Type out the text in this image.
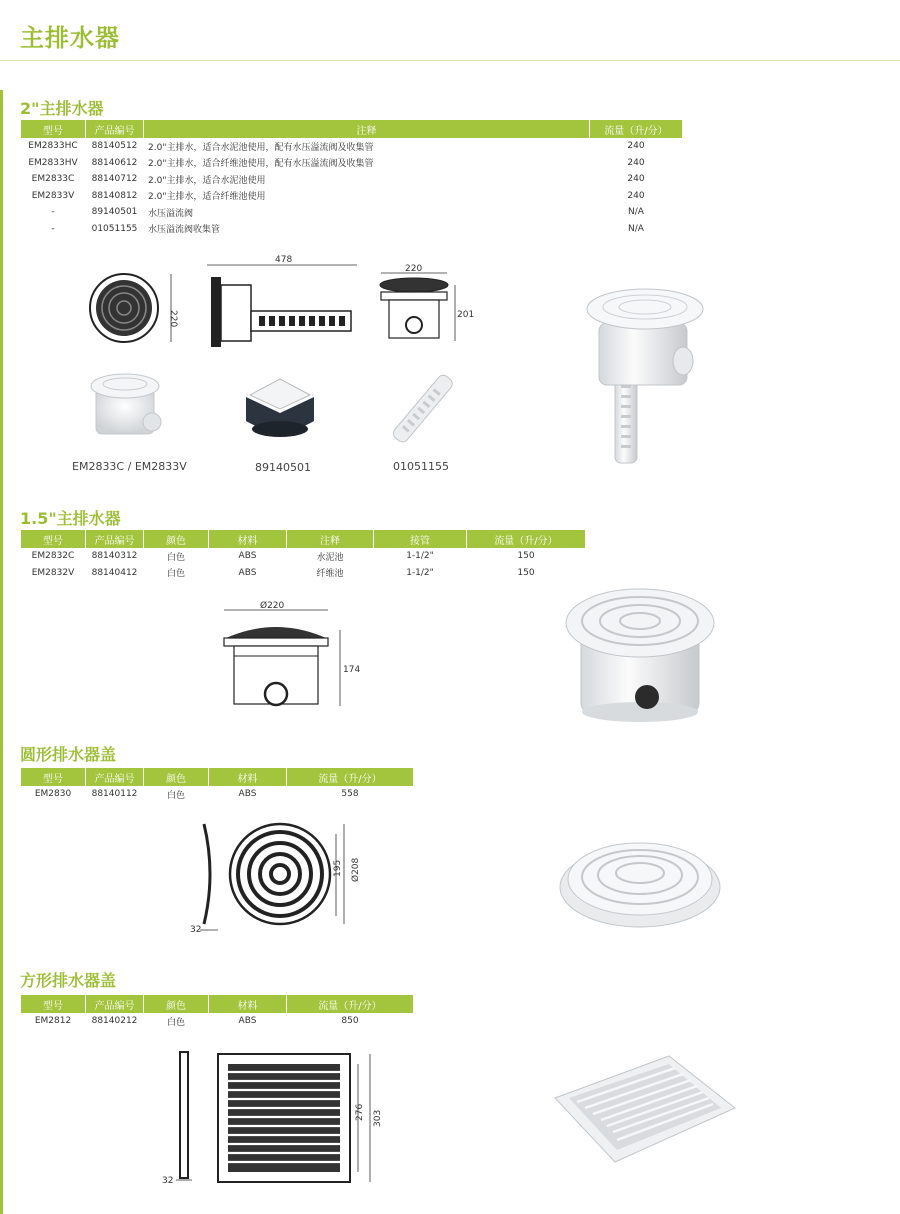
主排水器
2"主排水器
型号	产品编号	注释	流量（升/分）
EM2833HC	88140512	2.0"主排水，适合水泥池使用，配有水压溢流阀及收集管	240
EM2833HV	88140612	2.0"主排水，适合纤维池使用，配有水压溢流阀及收集管	240
EM2833C	88140712	2.0"主排水，适合水泥池使用	240
EM2833V	88140812	2.0"主排水，适合纤维池使用	240
-	89140501	水压溢流阀	N/A
-	01051155	水压溢流阀收集管	N/A
220
478
220
201
EM2833C / EM2833V	89140501	01051155
1.5"主排水器
型号	产品编号	颜色	材料	注释	接管	流量（升/分）
EM2832C	88140312	白色	ABS	水泥池	1-1/2"	150
EM2832V	88140412	白色	ABS	纤维池	1-1/2"	150
Ø220
174
圆形排水器盖
型号	产品编号	颜色	材料	流量（升/分）
EM2830	88140112	白色	ABS	558
32
195 Ø208
方形排水器盖
型号	产品编号	颜色	材料	流量（升/分）
EM2812	88140212	白色	ABS	850
32
276 303
